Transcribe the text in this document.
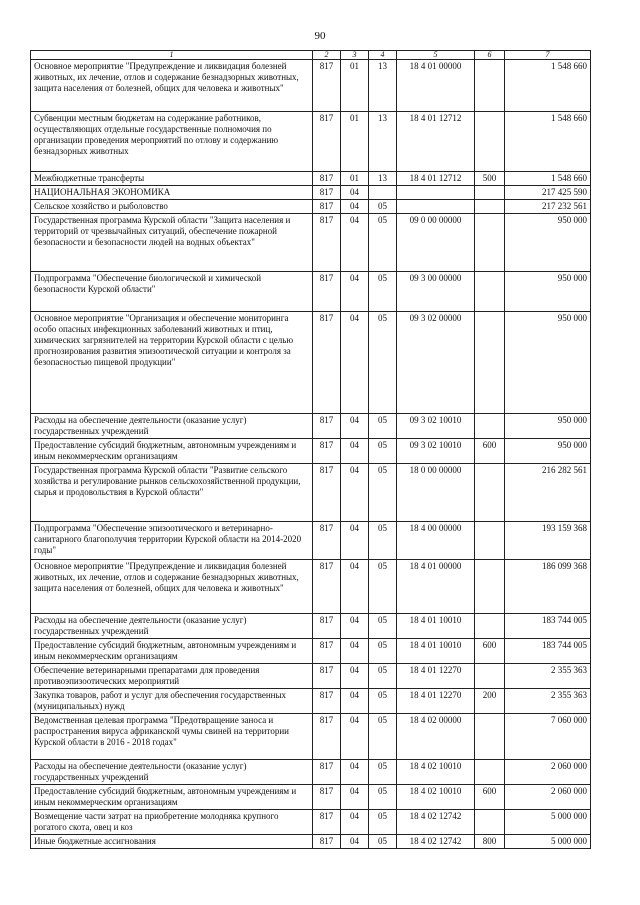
90
1	2	3	4	5	6	7
Основное мероприятие "Предупреждение и ликвидация болезней животных, их лечение, отлов и содержание безнадзорных животных, защита населения от болезней, общих для человека и животных"	817	01	13	18 4 01 00000		1 548 660
Субвенции местным бюджетам на содержание работников, осуществляющих отдельные государственные полномочия по организации проведения мероприятий по отлову и содержанию безнадзорных животных	817	01	13	18 4 01 12712		1 548 660
Межбюджетные трансферты	817	01	13	18 4 01 12712	500	1 548 660
НАЦИОНАЛЬНАЯ ЭКОНОМИКА	817	04				217 425 590
Сельское хозяйство и рыболовство	817	04	05			217 232 561
Государственная программа Курской области "Защита населения и территорий от чрезвычайных ситуаций, обеспечение пожарной безопасности и безопасности людей на водных объектах"	817	04	05	09 0 00 00000		950 000
Подпрограмма "Обеспечение биологической и химической безопасности Курской области"	817	04	05	09 3 00 00000		950 000
Основное мероприятие "Организация и обеспечение мониторинга особо опасных инфекционных заболеваний животных и птиц, химических загрязнителей на территории Курской области с целью прогнозирования развития эпизоотической ситуации и контроля за безопасностью пищевой продукции"	817	04	05	09 3 02 00000		950 000
Расходы на обеспечение деятельности (оказание услуг) государственных учреждений	817	04	05	09 3 02 10010		950 000
Предоставление субсидий бюджетным, автономным учреждениям и иным некоммерческим организациям	817	04	05	09 3 02 10010	600	950 000
Государственная программа Курской области "Развитие сельского хозяйства и регулирование рынков сельскохозяйственной продукции, сырья и продовольствия в Курской области"	817	04	05	18 0 00 00000		216 282 561
Подпрограмма "Обеспечение эпизоотического и ветеринарно-санитарного благополучия территории Курской области на 2014-2020 годы"	817	04	05	18 4 00 00000		193 159 368
Основное мероприятие "Предупреждение и ликвидация болезней животных, их лечение, отлов и содержание безнадзорных животных, защита населения от болезней, общих для человека и животных"	817	04	05	18 4 01 00000		186 099 368
Расходы на обеспечение деятельности (оказание услуг) государственных учреждений	817	04	05	18 4 01 10010		183 744 005
Предоставление субсидий бюджетным, автономным учреждениям и иным некоммерческим организациям	817	04	05	18 4 01 10010	600	183 744 005
Обеспечение ветеринарными препаратами для проведения противоэпизоотических мероприятий	817	04	05	18 4 01 12270		2 355 363
Закупка товаров, работ и услуг для обеспечения государственных (муниципальных) нужд	817	04	05	18 4 01 12270	200	2 355 363
Ведомственная целевая программа "Предотвращение заноса и распространения вируса африканской чумы свиней на территории Курской области в 2016 - 2018 годах"	817	04	05	18 4 02 00000		7 060 000
Расходы на обеспечение деятельности (оказание услуг) государственных учреждений	817	04	05	18 4 02 10010		2 060 000
Предоставление субсидий бюджетным, автономным учреждениям и иным некоммерческим организациям	817	04	05	18 4 02 10010	600	2 060 000
Возмещение части затрат на приобретение молодняка крупного рогатого скота, овец и коз	817	04	05	18 4 02 12742		5 000 000
Иные бюджетные ассигнования	817	04	05	18 4 02 12742	800	5 000 000
